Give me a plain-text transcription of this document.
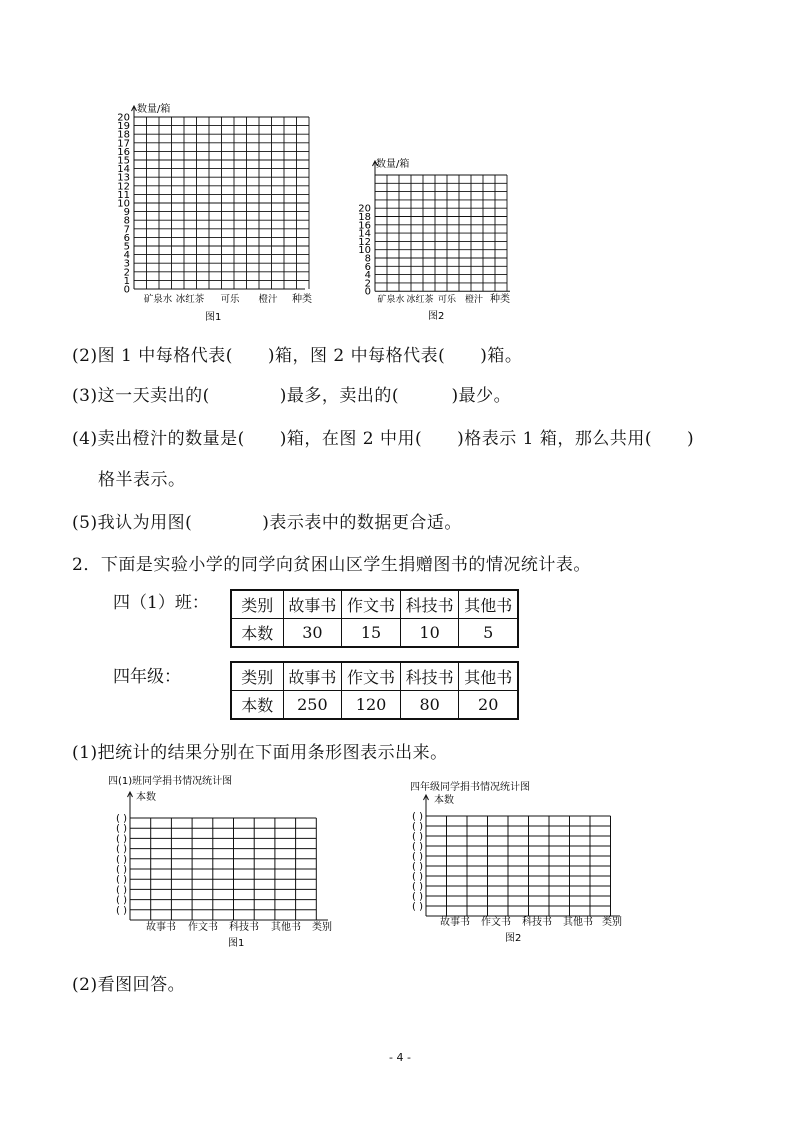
数量/箱
种类
0
1
2
3
4
5
6
7
8
9
10
11
12
13
14
15
16
17
18
19
20
矿泉水 冰红茶 可乐 橙汁
图1
数量/箱
种类
0
2
4
6
8
10
12
14
16
18
20
矿泉水 冰红茶 可乐 橙汁
图2
(2)图 1 中每格代表(　　)箱，图 2 中每格代表(　　)箱。
(3)这一天卖出的(　　　　)最多，卖出的(　　　)最少。
(4)卖出橙汁的数量是(　　)箱，在图 2 中用(　　)格表示 1 箱，那么共用(　　)
格半表示。
(5)我认为用图(　　　　)表示表中的数据更合适。
2．下面是实验小学的同学向贫困山区学生捐赠图书的情况统计表。
四（1）班： 类别	故事书	作文书	科技书	其他书
本数	30	15	10	5
四年级：	类别	故事书	作文书	科技书	其他书
本数	250	120	80	20
(1)把统计的结果分别在下面用条形图表示出来。
四(1)班同学捐书情况统计图
本数
( )
( )
( )
( )
( )
( )
( )
( )
( )
( )
故事书 作文书 科技书 其他书 类别
图1
四年级同学捐书情况统计图
本数
( )
( )
( )
( )
( )
( )
( )
( )
( )
( )
故事书 作文书 科技书 其他书 类别
图2
(2)看图回答。
- 4 -
